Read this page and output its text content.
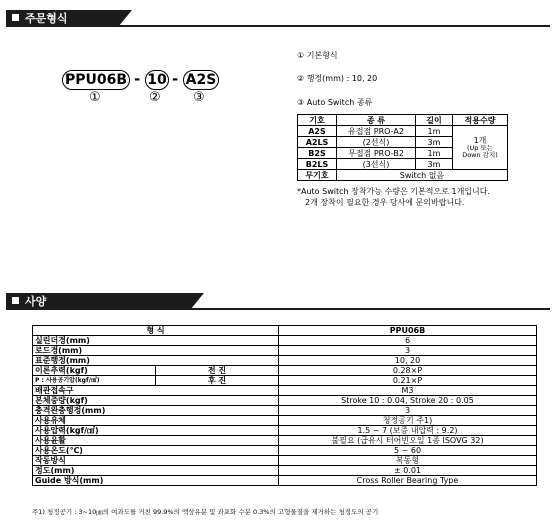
주문형식
PPU06B - 10 - A2S
①	② ③
① 기본형식
② 행정(mm) : 10, 20
③ Auto Switch 종류
기호	종 류	길이	적용수량
A2S	유접점 PRO-A2	1m	1개
(Up 또는
Down 감지)

A2LS	(2선식)	3m	
B2S	무접점 PRO-B2	1m	
B2LS	(3선식)	3m	
무기호	Switch 없음		
*Auto Switch 장착가능 수량은 기본적으로 1개입니다.
2개 장착이 필요한 경우 당사에 문의바랍니다.
사양
형 식		PPU06B
실린더경(mm)		6
로드경(mm)		3
표준행정(mm)		10, 20
이론추력(kgf)	전 진	0.28×P
P : 사용공기압(kgf/㎠)	후 진	0.21×P
배관접속구		M3
본체중량(kgf)		Stroke 10 : 0.04, Stroke 20 : 0.05
충격완충행정(mm)		3
사용유체		청정공기 주1)
사용압력(kgf/㎠)		1.5 ~ 7 (보증 내압력 : 9.2)
사용윤활		불필요 (급유시 터어빈오일 1종 ISOVG 32)
사용온도(℃)		5 ~ 60
작동방식		복동형
정도(mm)		± 0.01
Guide 방식(mm)		Cross Roller Bearing Type
주1) 청정공기 : 3~10㎛의 여과도를 거친 99.9%의 액상유분 및 과포화 수분 0.3%의 고형물질을 제거하는 청정도의 공기
